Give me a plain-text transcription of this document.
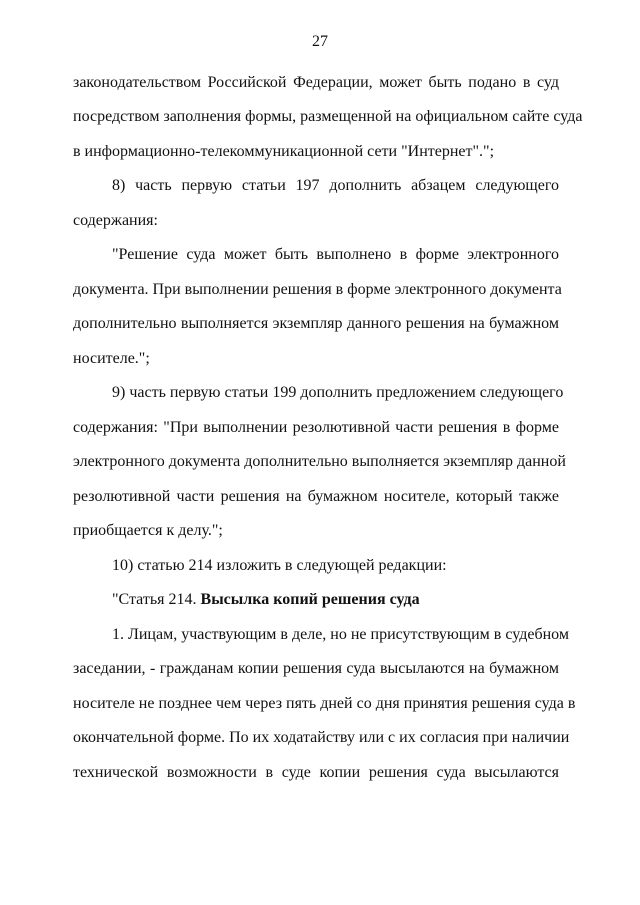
27
законодательством Российской Федерации, может быть подано в суд
посредством заполнения формы, размещенной на официальном сайте суда
в информационно-телекоммуникационной сети "Интернет".";
8) часть первую статьи 197 дополнить абзацем следующего
содержания:
"Решение суда может быть выполнено в форме электронного
документа. При выполнении решения в форме электронного документа
дополнительно выполняется экземпляр данного решения на бумажном
носителе.";
9) часть первую статьи 199 дополнить предложением следующего
содержания: "При выполнении резолютивной части решения в форме
электронного документа дополнительно выполняется экземпляр данной
резолютивной части решения на бумажном носителе, который также
приобщается к делу.";
10) статью 214 изложить в следующей редакции:
"Статья 214. Высылка копий решения суда
1. Лицам, участвующим в деле, но не присутствующим в судебном
заседании, - гражданам копии решения суда высылаются на бумажном
носителе не позднее чем через пять дней со дня принятия решения суда в
окончательной форме. По их ходатайству или с их согласия при наличии
технической возможности в суде копии решения суда высылаются
